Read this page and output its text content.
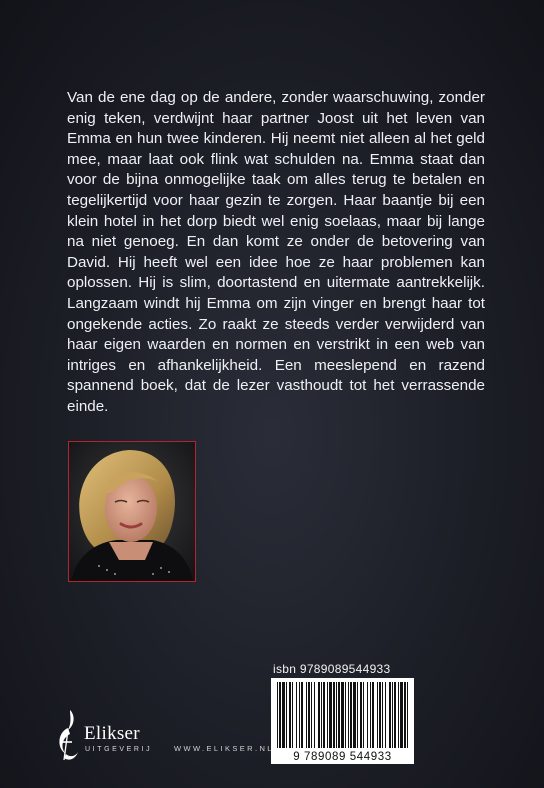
Van de ene dag op de andere, zonder waarschuwing, zonder enig teken, verdwijnt haar partner Joost uit het leven van Emma en hun twee kinderen. Hij neemt niet alleen al het geld mee, maar laat ook flink wat schulden na. Emma staat dan voor de bijna onmogelijke taak om alles terug te betalen en tegelijkertijd voor haar gezin te zorgen. Haar baantje bij een klein hotel in het dorp biedt wel enig soelaas, maar bij lange na niet genoeg. En dan komt ze onder de betovering van David. Hij heeft wel een idee hoe ze haar problemen kan oplossen. Hij is slim, doortastend en uitermate aantrekkelijk. Langzaam windt hij Emma om zijn vinger en brengt haar tot ongekende acties. Zo raakt ze steeds verder verwijderd van haar eigen waarden en normen en verstrikt in een web van intriges en afhankelijkheid. Een meeslepend en razend spannend boek, dat de lezer vasthoudt tot het verrassende einde.

isbn 9789089544933
9 789089 544933
Elikser
UITGEVERIJ	WWW.ELIKSER.NL
